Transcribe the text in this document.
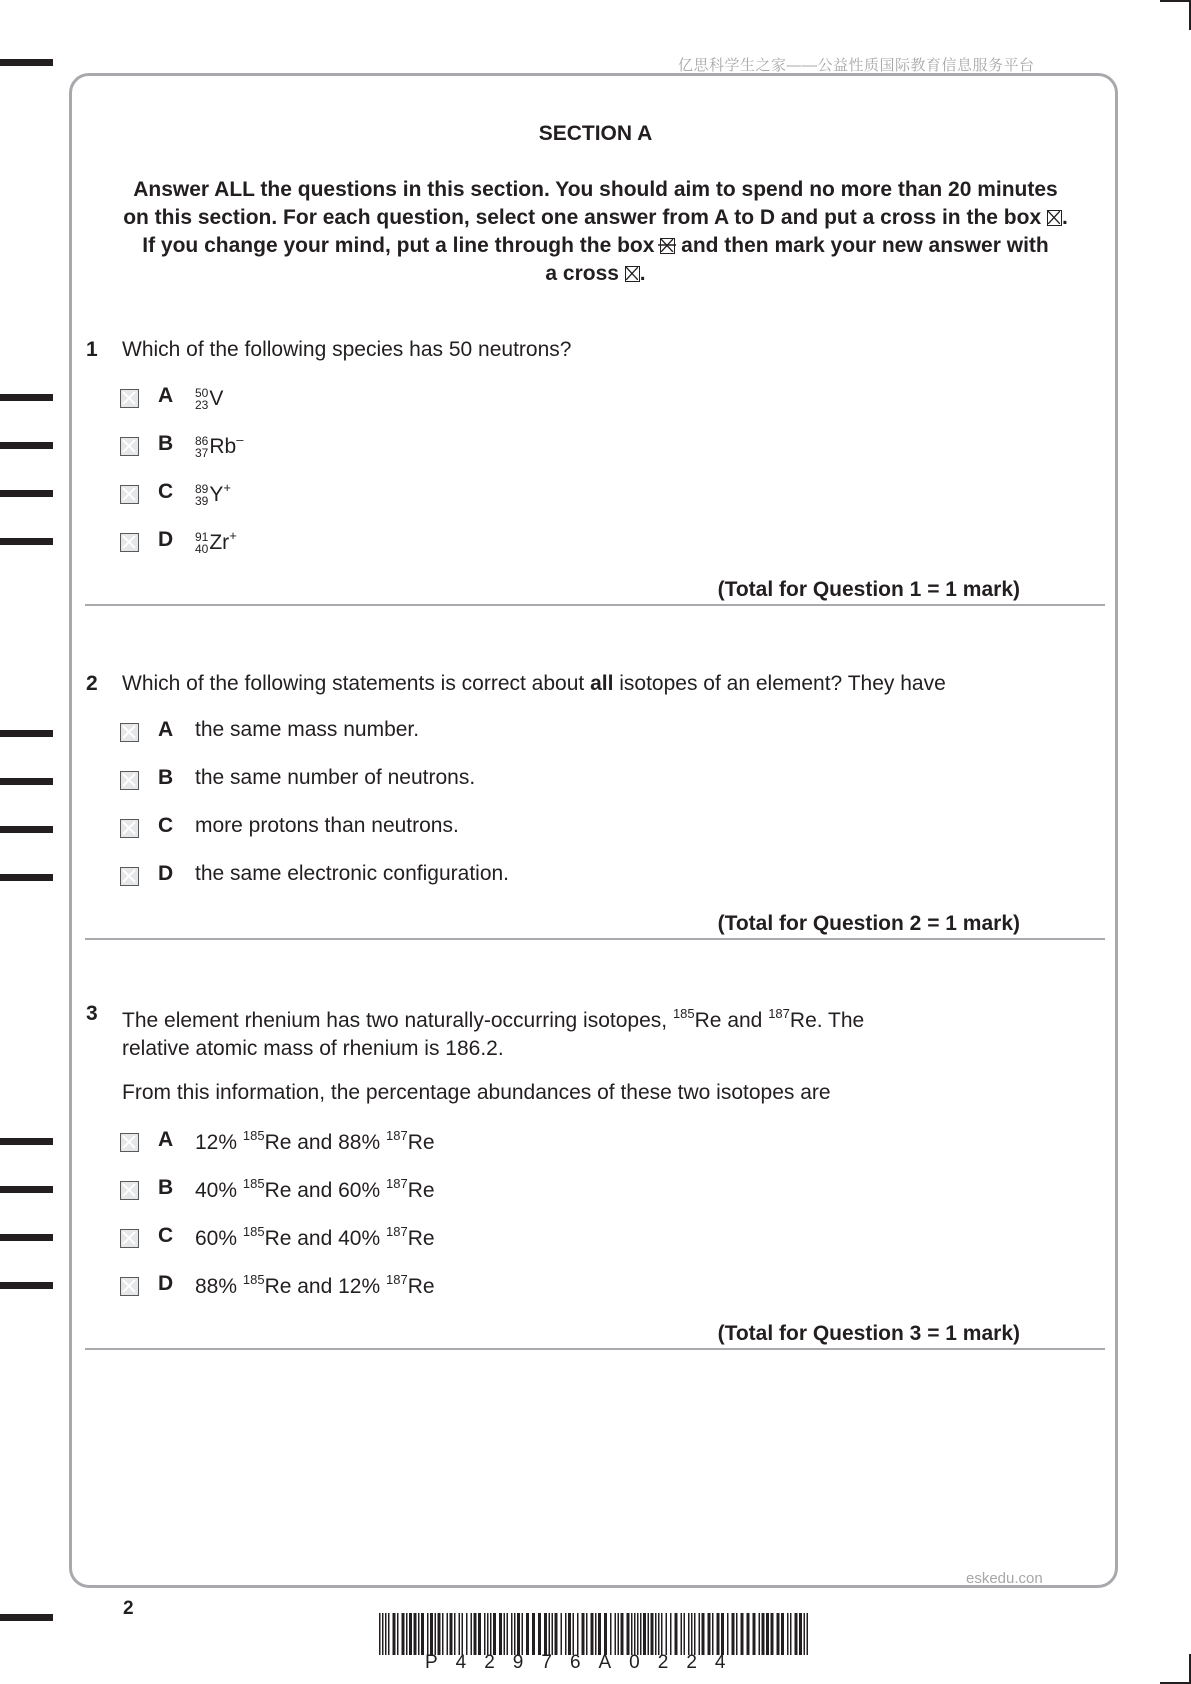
亿思科学生之家——公益性质国际教育信息服务平台
eskedu.con
SECTION A
Answer ALL the questions in this section. You should aim to spend no more than 20 minutes
on this section. For each question, select one answer from A to D and put a cross in the box ☒.
If you change your mind, put a line through the box and then mark your new answer with
a cross ☒.
1 Which of the following species has 50 neutrons?
A 50
23 V
B 86
37 Rb–
C 89
39 Y+
D 91
40 Zr+
(Total for Question 1 = 1 mark)
2 Which of the following statements is correct about all isotopes of an element? They have
A the same mass number.
B the same number of neutrons.
C more protons than neutrons.
D the same electronic configuration.
(Total for Question 2 = 1 mark)
3 The element rhenium has two naturally-occurring isotopes, $^{185}$Re and $^{187}$Re. The
relative atomic mass of rhenium is 186.2.
From this information, the percentage abundances of these two isotopes are
A 12% $^{185}$Re and 88% $^{187}$Re
B 40% $^{185}$Re and 60% $^{187}$Re
C 60% $^{185}$Re and 40% $^{187}$Re
D 88% $^{185}$Re and 12% $^{187}$Re
(Total for Question 3 = 1 mark)
2
P42976A0224
